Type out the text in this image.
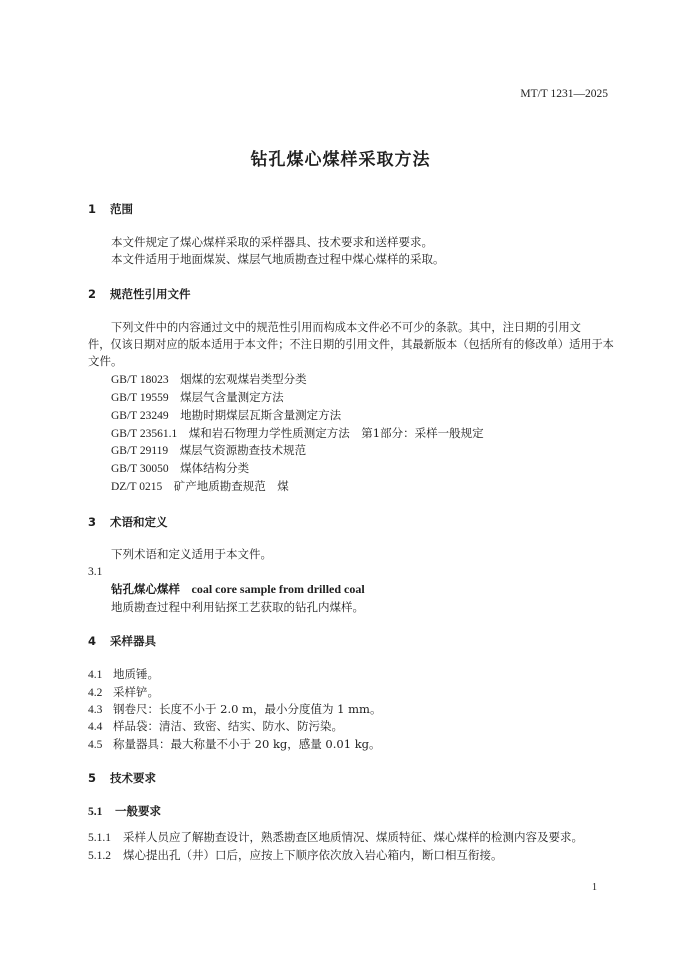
MT/T 1231—2025
钻孔煤心煤样采取方法
1 范围
本文件规定了煤心煤样采取的采样器具、技术要求和送样要求。
本文件适用于地面煤炭、煤层气地质勘查过程中煤心煤样的采取。
2 规范性引用文件
下列文件中的内容通过文中的规范性引用而构成本文件必不可少的条款。其中，注日期的引用文
件，仅该日期对应的版本适用于本文件；不注日期的引用文件，其最新版本（包括所有的修改单）适用于本
文件。
GB/T 18023　 烟煤的宏观煤岩类型分类
GB/T 19559　 煤层气含量测定方法
GB/T 23249　 地勘时期煤层瓦斯含量测定方法
GB/T 23561.1　 煤和岩石物理力学性质测定方法　第1部分：采样一般规定
GB/T 29119　 煤层气资源勘查技术规范
GB/T 30050　 煤体结构分类
DZ/T 0215　 矿产地质勘查规范　煤
3 术语和定义
下列术语和定义适用于本文件。
3.1
钻孔煤心煤样　 coal core sample from drilled coal
地质勘查过程中利用钻探工艺获取的钻孔内煤样。
4 采样器具
4.1 地质锤。
4.2 采样铲。
4.3 钢卷尺：长度不小于 2.0 m，最小分度值为 1 mm。
4.4 样品袋：清洁、致密、结实、防水、防污染。
4.5 称量器具：最大称量不小于 20 kg，感量 0.01 kg。
5 技术要求
5.1 一般要求
5.1.1 采样人员应了解勘查设计，熟悉勘查区地质情况、煤质特征、煤心煤样的检测内容及要求。
5.1.2 煤心提出孔（井）口后，应按上下顺序依次放入岩心箱内，断口相互衔接。
1
